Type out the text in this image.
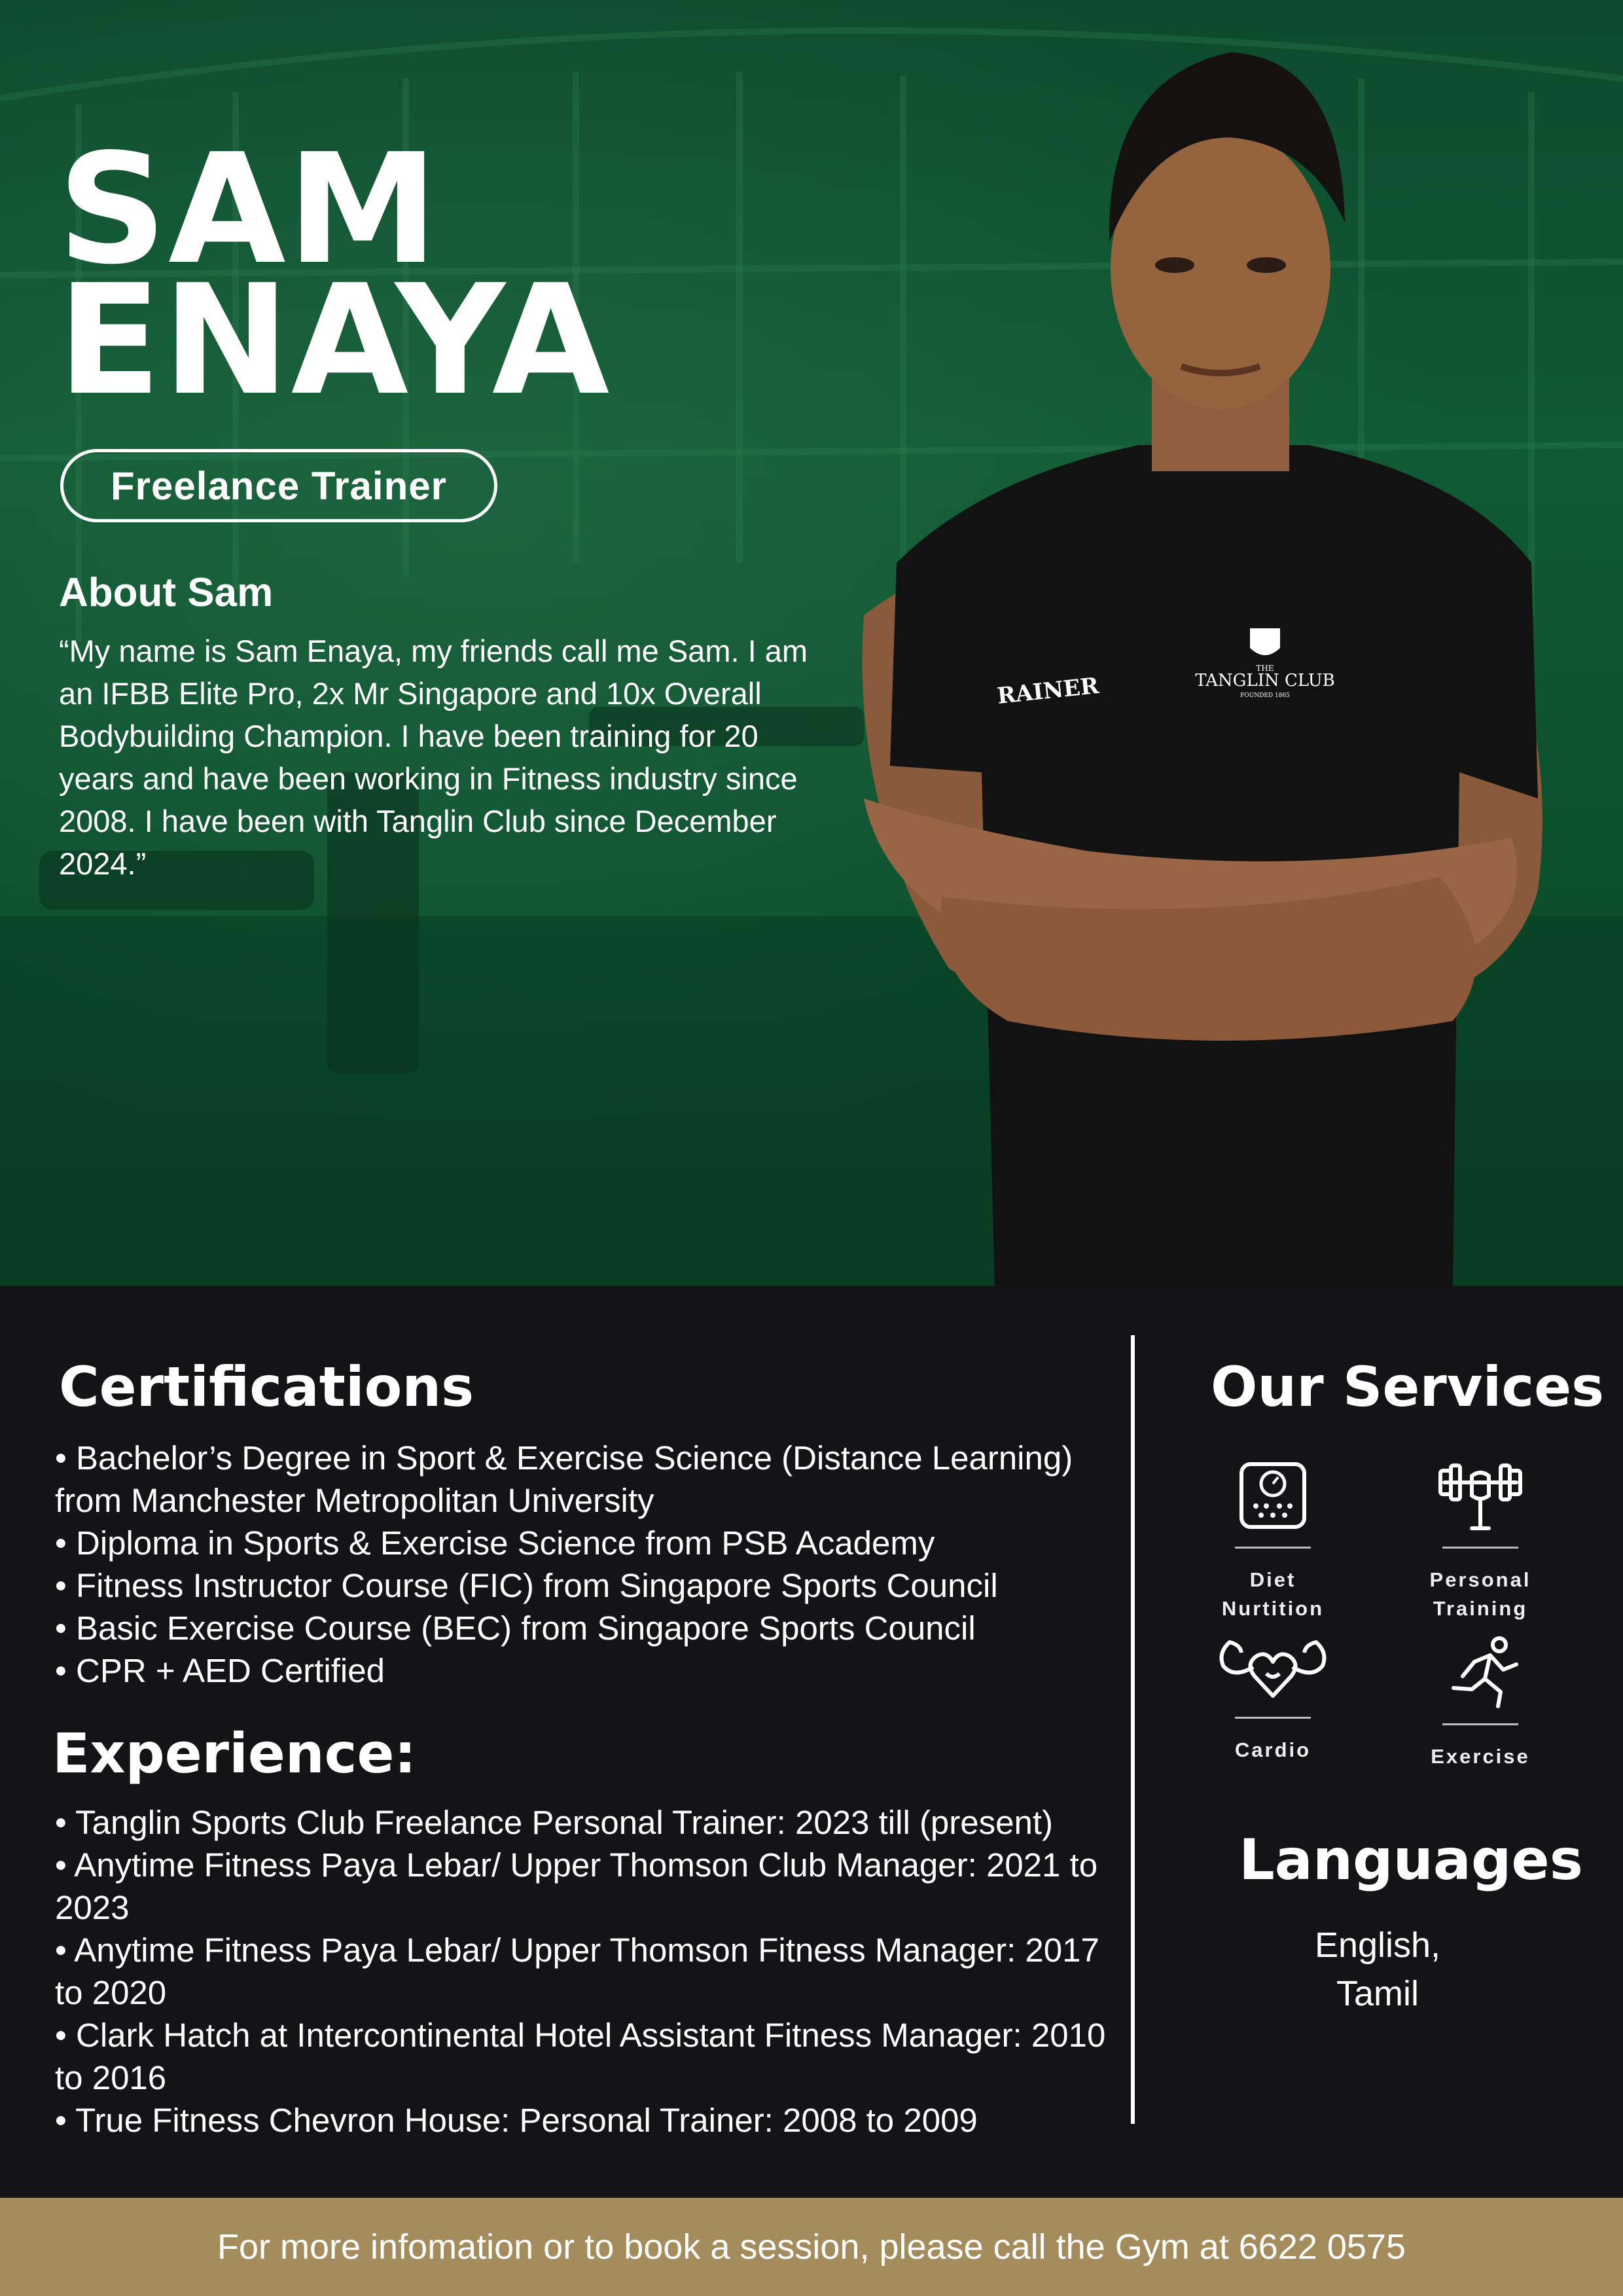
RAINER
THE
TANGLIN CLUB
FOUNDED 1865
SAM
ENAYA
Freelance Trainer
About Sam

“My name is Sam Enaya, my friends call me Sam. I am an IFBB Elite Pro, 2x Mr Singapore and 10x Overall Bodybuilding Champion. I have been training for 20 years and have been working in Fitness industry since 2008. I have been with Tanglin Club since December 2024.”

Certifications
• Bachelor’s Degree in Sport & Exercise Science (Distance Learning) from Manchester Metropolitan University
• Diploma in Sports & Exercise Science from PSB Academy
• Fitness Instructor Course (FIC) from Singapore Sports Council
• Basic Exercise Course (BEC) from Singapore Sports Council
• CPR + AED Certified
Experience:
• Tanglin Sports Club Freelance Personal Trainer: 2023 till (present)
• Anytime Fitness Paya Lebar/ Upper Thomson Club Manager: 2021 to 2023
• Anytime Fitness Paya Lebar/ Upper Thomson Fitness Manager: 2017 to 2020
• Clark Hatch at Intercontinental Hotel Assistant Fitness Manager: 2010 to 2016
• True Fitness Chevron House: Personal Trainer: 2008 to 2009
Our Services
Diet
Nurtition
Personal
Training
Cardio	Exercise
Languages
English,
Tamil
For more infomation or to book a session, please call the Gym at 6622 0575
